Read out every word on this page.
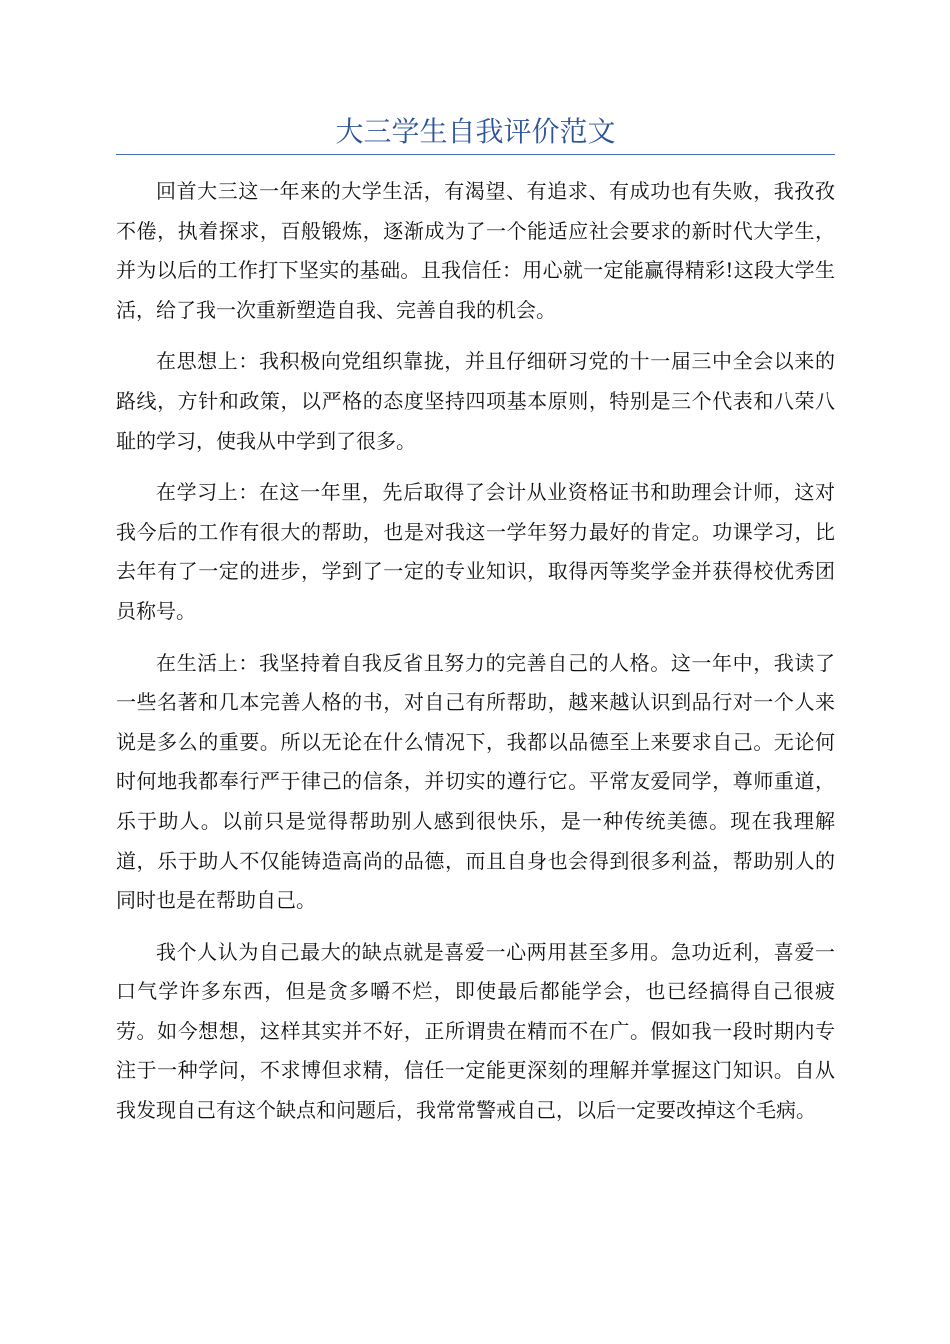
大三学生自我评价范文

回首大三这一年来的大学生活，有渴望、有追求、有成功也有失败，我孜孜不倦，执着探求，百般锻炼，逐渐成为了一个能适应社会要求的新时代大学生，并为以后的工作打下坚实的基础。且我信任：用心就一定能赢得精彩!这段大学生活，给了我一次重新塑造自我、完善自我的机会。

在思想上：我积极向党组织靠拢，并且仔细研习党的十一届三中全会以来的路线，方针和政策，以严格的态度坚持四项基本原则，特别是三个代表和八荣八耻的学习，使我从中学到了很多。

在学习上：在这一年里，先后取得了会计从业资格证书和助理会计师，这对我今后的工作有很大的帮助，也是对我这一学年努力最好的肯定。功课学习，比去年有了一定的进步，学到了一定的专业知识，取得丙等奖学金并获得校优秀团员称号。

在生活上：我坚持着自我反省且努力的完善自己的人格。这一年中，我读了一些名著和几本完善人格的书，对自己有所帮助，越来越认识到品行对一个人来说是多么的重要。所以无论在什么情况下，我都以品德至上来要求自己。无论何时何地我都奉行严于律己的信条，并切实的遵行它。平常友爱同学，尊师重道，乐于助人。以前只是觉得帮助别人感到很快乐，是一种传统美德。现在我理解道，乐于助人不仅能铸造高尚的品德，而且自身也会得到很多利益，帮助别人的同时也是在帮助自己。

我个人认为自己最大的缺点就是喜爱一心两用甚至多用。急功近利，喜爱一口气学许多东西，但是贪多嚼不烂，即使最后都能学会，也已经搞得自己很疲劳。如今想想，这样其实并不好，正所谓贵在精而不在广。假如我一段时期内专注于一种学问，不求博但求精，信任一定能更深刻的理解并掌握这门知识。自从我发现自己有这个缺点和问题后，我常常警戒自己，以后一定要改掉这个毛病。
